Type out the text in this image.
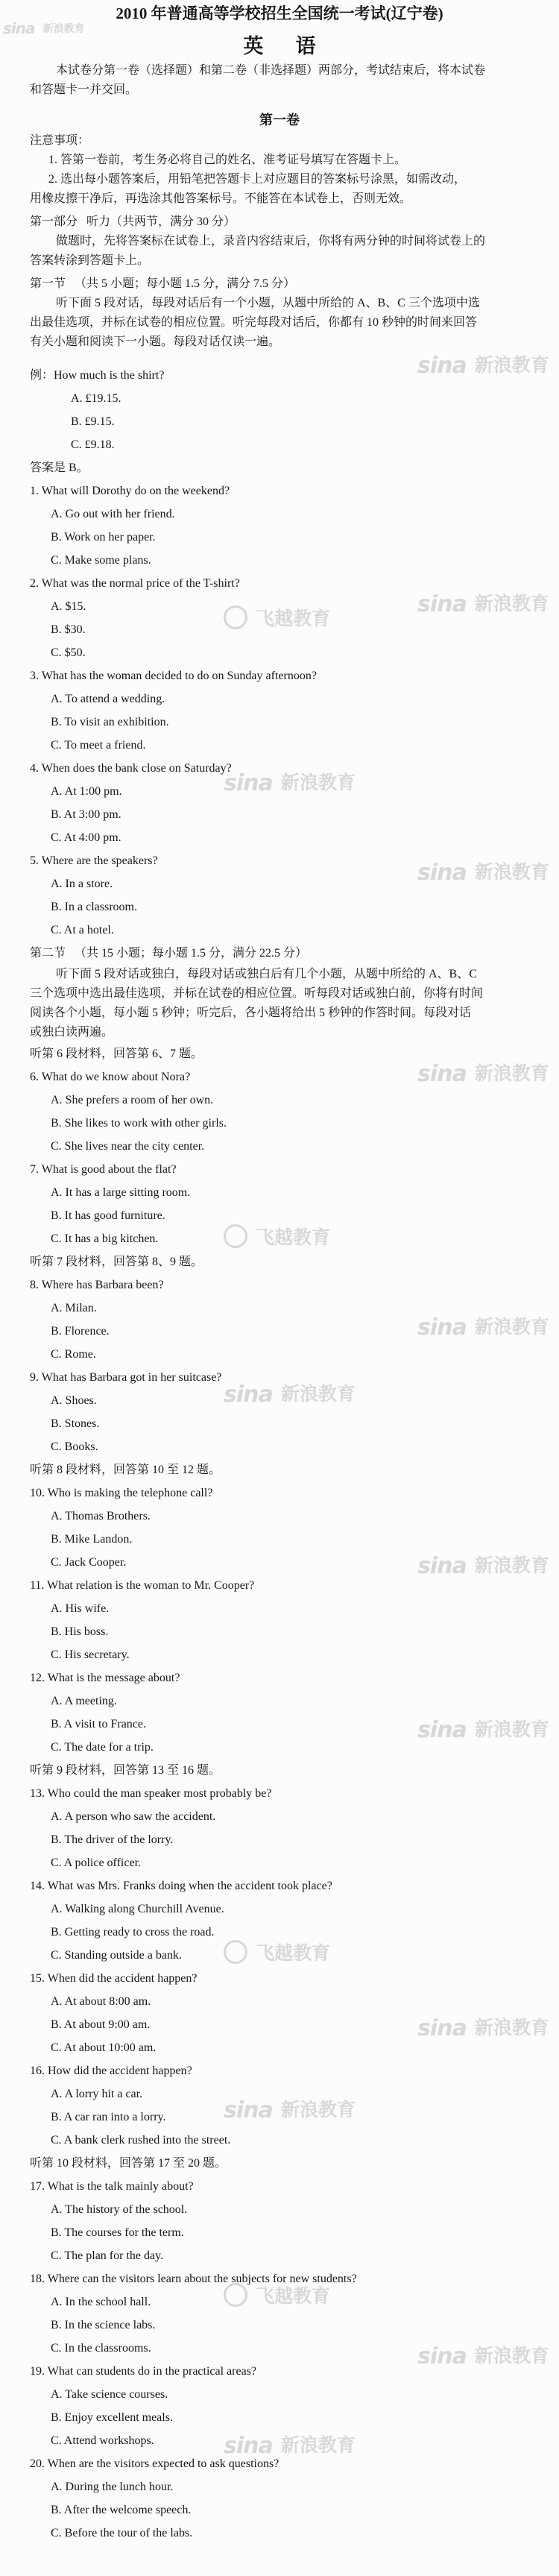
2010 年普通高等学校招生全国统一考试(辽宁卷)
英语
本试卷分第一卷（选择题）和第二卷（非选择题）两部分，考试结束后，将本试卷
和答题卡一并交回。
第一卷
注意事项：
1. 答第一卷前，考生务必将自己的姓名、准考证号填写在答题卡上。
2. 选出每小题答案后，用铅笔把答题卡上对应题目的答案标号涂黑，如需改动，
用橡皮擦干净后，再选涂其他答案标号。不能答在本试卷上，否则无效。
第一部分   听力（共两节，满分 30 分）
做题时，先将答案标在试卷上，录音内容结束后，你将有两分钟的时间将试卷上的
答案转涂到答题卡上。
第一节   （共 5 小题；每小题 1.5 分，满分 7.5 分）
听下面 5 段对话，每段对话后有一个小题，从题中所给的 A、B、C 三个选项中选
出最佳选项，并标在试卷的相应位置。听完每段对话后，你都有 10 秒钟的时间来回答
有关小题和阅读下一小题。每段对话仅读一遍。
例：How much is the shirt?
A. £19.15.
B. £9.15.
C. £9.18.
答案是 B。
1. What will Dorothy do on the weekend?
A. Go out with her friend.
B. Work on her paper.
C. Make some plans.
2. What was the normal price of the T-shirt?
A. $15.
B. $30.
C. $50.
3. What has the woman decided to do on Sunday afternoon?
A. To attend a wedding.
B. To visit an exhibition.
C. To meet a friend.
4. When does the bank close on Saturday?
A. At 1:00 pm.
B. At 3:00 pm.
C. At 4:00 pm.
5. Where are the speakers?
A. In a store.
B. In a classroom.
C. At a hotel.
第二节   （共 15 小题；每小题 1.5 分，满分 22.5 分）
听下面 5 段对话或独白，每段对话或独白后有几个小题，从题中所给的 A、B、C
三个选项中选出最佳选项，并标在试卷的相应位置。听每段对话或独白前，你将有时间
阅读各个小题，每小题 5 秒钟；听完后，各小题将给出 5 秒钟的作答时间。每段对话
或独白读两遍。
听第 6 段材料，回答第 6、7 题。
6. What do we know about Nora?
A. She prefers a room of her own.
B. She likes to work with other girls.
C. She lives near the city center.
7. What is good about the flat?
A. It has a large sitting room.
B. It has good furniture.
C. It has a big kitchen.
听第 7 段材料，回答第 8、9 题。
8. Where has Barbara been?
A. Milan.
B. Florence.
C. Rome.
9. What has Barbara got in her suitcase?
A. Shoes.
B. Stones.
C. Books.
听第 8 段材料，回答第 10 至 12 题。
10. Who is making the telephone call?
A. Thomas Brothers.
B. Mike Landon.
C. Jack Cooper.
11. What relation is the woman to Mr. Cooper?
A. His wife.
B. His boss.
C. His secretary.
12. What is the message about?
A. A meeting.
B. A visit to France.
C. The date for a trip.
听第 9 段材料，回答第 13 至 16 题。
13. Who could the man speaker most probably be?
A. A person who saw the accident.
B. The driver of the lorry.
C. A police officer.
14. What was Mrs. Franks doing when the accident took place?
A. Walking along Churchill Avenue.
B. Getting ready to cross the road.
C. Standing outside a bank.
15. When did the accident happen?
A. At about 8:00 am.
B. At about 9:00 am.
C. At about 10:00 am.
16. How did the accident happen?
A. A lorry hit a car.
B. A car ran into a lorry.
C. A bank clerk rushed into the street.
听第 10 段材料，回答第 17 至 20 题。
17. What is the talk mainly about?
A. The history of the school.
B. The courses for the term.
C. The plan for the day.
18. Where can the visitors learn about the subjects for new students?
A. In the school hall.
B. In the science labs.
C. In the classrooms.
19. What can students do in the practical areas?
A. Take science courses.
B. Enjoy excellent meals.
C. Attend workshops.
20. When are the visitors expected to ask questions?
A. During the lunch hour.
B. After the welcome speech.
C. Before the tour of the labs.
sina 新浪教育
sina 新浪教育
sina 新浪教育
飞越教育
sina 新浪教育
sina 新浪教育
sina 新浪教育
飞越教育
sina 新浪教育
sina 新浪教育
sina 新浪教育
sina 新浪教育
飞越教育
sina 新浪教育
sina 新浪教育
飞越教育
sina 新浪教育
sina 新浪教育
